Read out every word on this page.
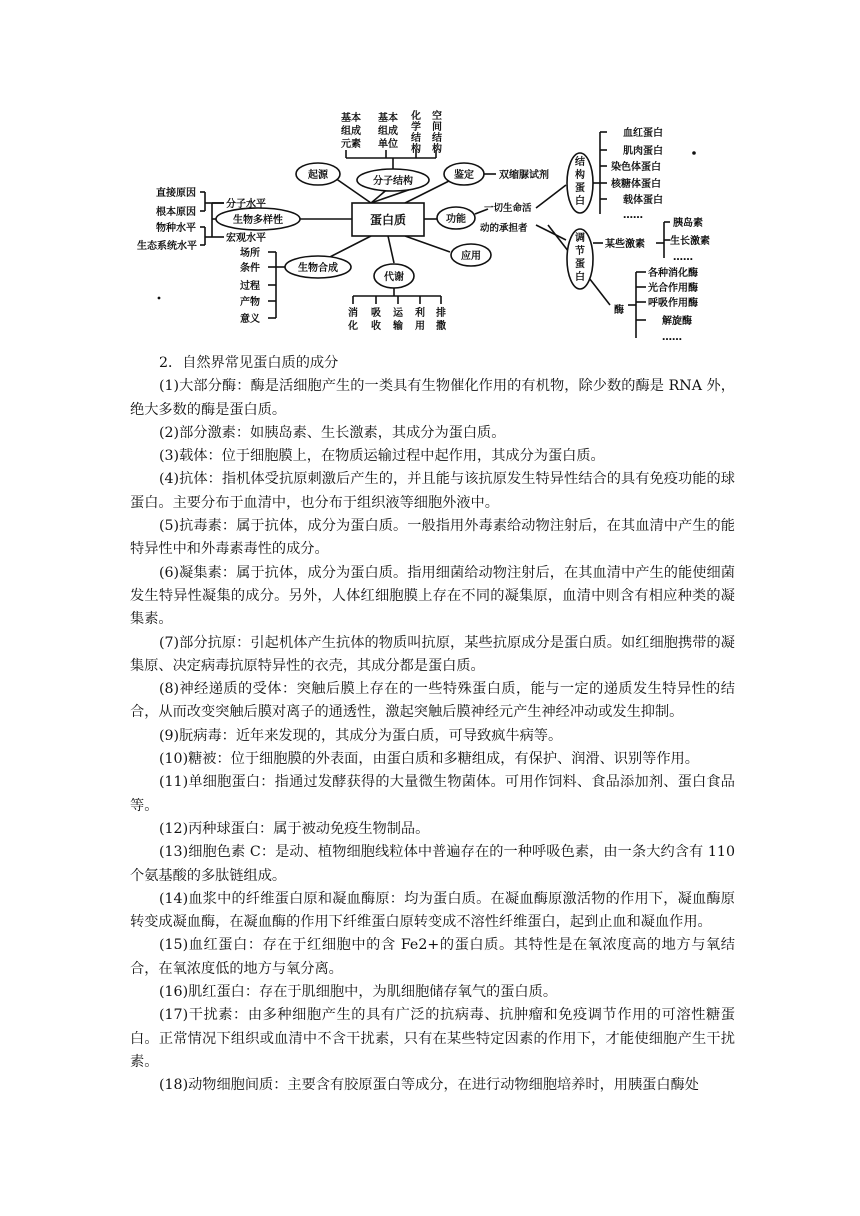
蛋白质
分子结构
基本
组成
元素
基本
组成
单位
化
学
结
构
空
间
结
构
起源	鉴定	双缩脲试剂
生物多样性
分子水平
宏观水平
直接原因
根本原因
物种水平
生态系统水平
生物合成
场所
条件
过程
产物
意义
代谢
消
化
吸
收
运
输
利
用
排
撒
应用
功能
一切生命活
动的承担者
结
构
蛋
白
血红蛋白
肌肉蛋白
染色体蛋白
核糖体蛋白
载体蛋白
……
调
节
蛋
白
某些激素
胰岛素
生长激素
……
酶
各种消化酶
光合作用酶
呼吸作用酶
解旋酶
……

2．自然界常见蛋白质的成分

(1)大部分酶：酶是活细胞产生的一类具有生物催化作用的有机物，除少数的酶是 RNA 外，绝大多数的酶是蛋白质。

(2)部分激素：如胰岛素、生长激素，其成分为蛋白质。

(3)载体：位于细胞膜上，在物质运输过程中起作用，其成分为蛋白质。

(4)抗体：指机体受抗原刺激后产生的，并且能与该抗原发生特异性结合的具有免疫功能的球蛋白。主要分布于血清中，也分布于组织液等细胞外液中。

(5)抗毒素：属于抗体，成分为蛋白质。一般指用外毒素给动物注射后，在其血清中产生的能特异性中和外毒素毒性的成分。

(6)凝集素：属于抗体，成分为蛋白质。指用细菌给动物注射后，在其血清中产生的能使细菌发生特异性凝集的成分。另外，人体红细胞膜上存在不同的凝集原，血清中则含有相应种类的凝集素。

(7)部分抗原：引起机体产生抗体的物质叫抗原，某些抗原成分是蛋白质。如红细胞携带的凝集原、决定病毒抗原特异性的衣壳，其成分都是蛋白质。

(8)神经递质的受体：突触后膜上存在的一些特殊蛋白质，能与一定的递质发生特异性的结合，从而改变突触后膜对离子的通透性，激起突触后膜神经元产生神经冲动或发生抑制。

(9)朊病毒：近年来发现的，其成分为蛋白质，可导致疯牛病等。

(10)糖被：位于细胞膜的外表面，由蛋白质和多糖组成，有保护、润滑、识别等作用。

(11)单细胞蛋白：指通过发酵获得的大量微生物菌体。可用作饲料、食品添加剂、蛋白食品等。

(12)丙种球蛋白：属于被动免疫生物制品。

(13)细胞色素 C：是动、植物细胞线粒体中普遍存在的一种呼吸色素，由一条大约含有 110 个氨基酸的多肽链组成。

(14)血浆中的纤维蛋白原和凝血酶原：均为蛋白质。在凝血酶原激活物的作用下，凝血酶原转变成凝血酶，在凝血酶的作用下纤维蛋白原转变成不溶性纤维蛋白，起到止血和凝血作用。

(15)血红蛋白：存在于红细胞中的含 Fe2+的蛋白质。其特性是在氧浓度高的地方与氧结合，在氧浓度低的地方与氧分离。

(16)肌红蛋白：存在于肌细胞中，为肌细胞储存氧气的蛋白质。

(17)干扰素：由多种细胞产生的具有广泛的抗病毒、抗肿瘤和免疫调节作用的可溶性糖蛋白。正常情况下组织或血清中不含干扰素，只有在某些特定因素的作用下，才能使细胞产生干扰素。

(18)动物细胞间质：主要含有胶原蛋白等成分，在进行动物细胞培养时，用胰蛋白酶处
